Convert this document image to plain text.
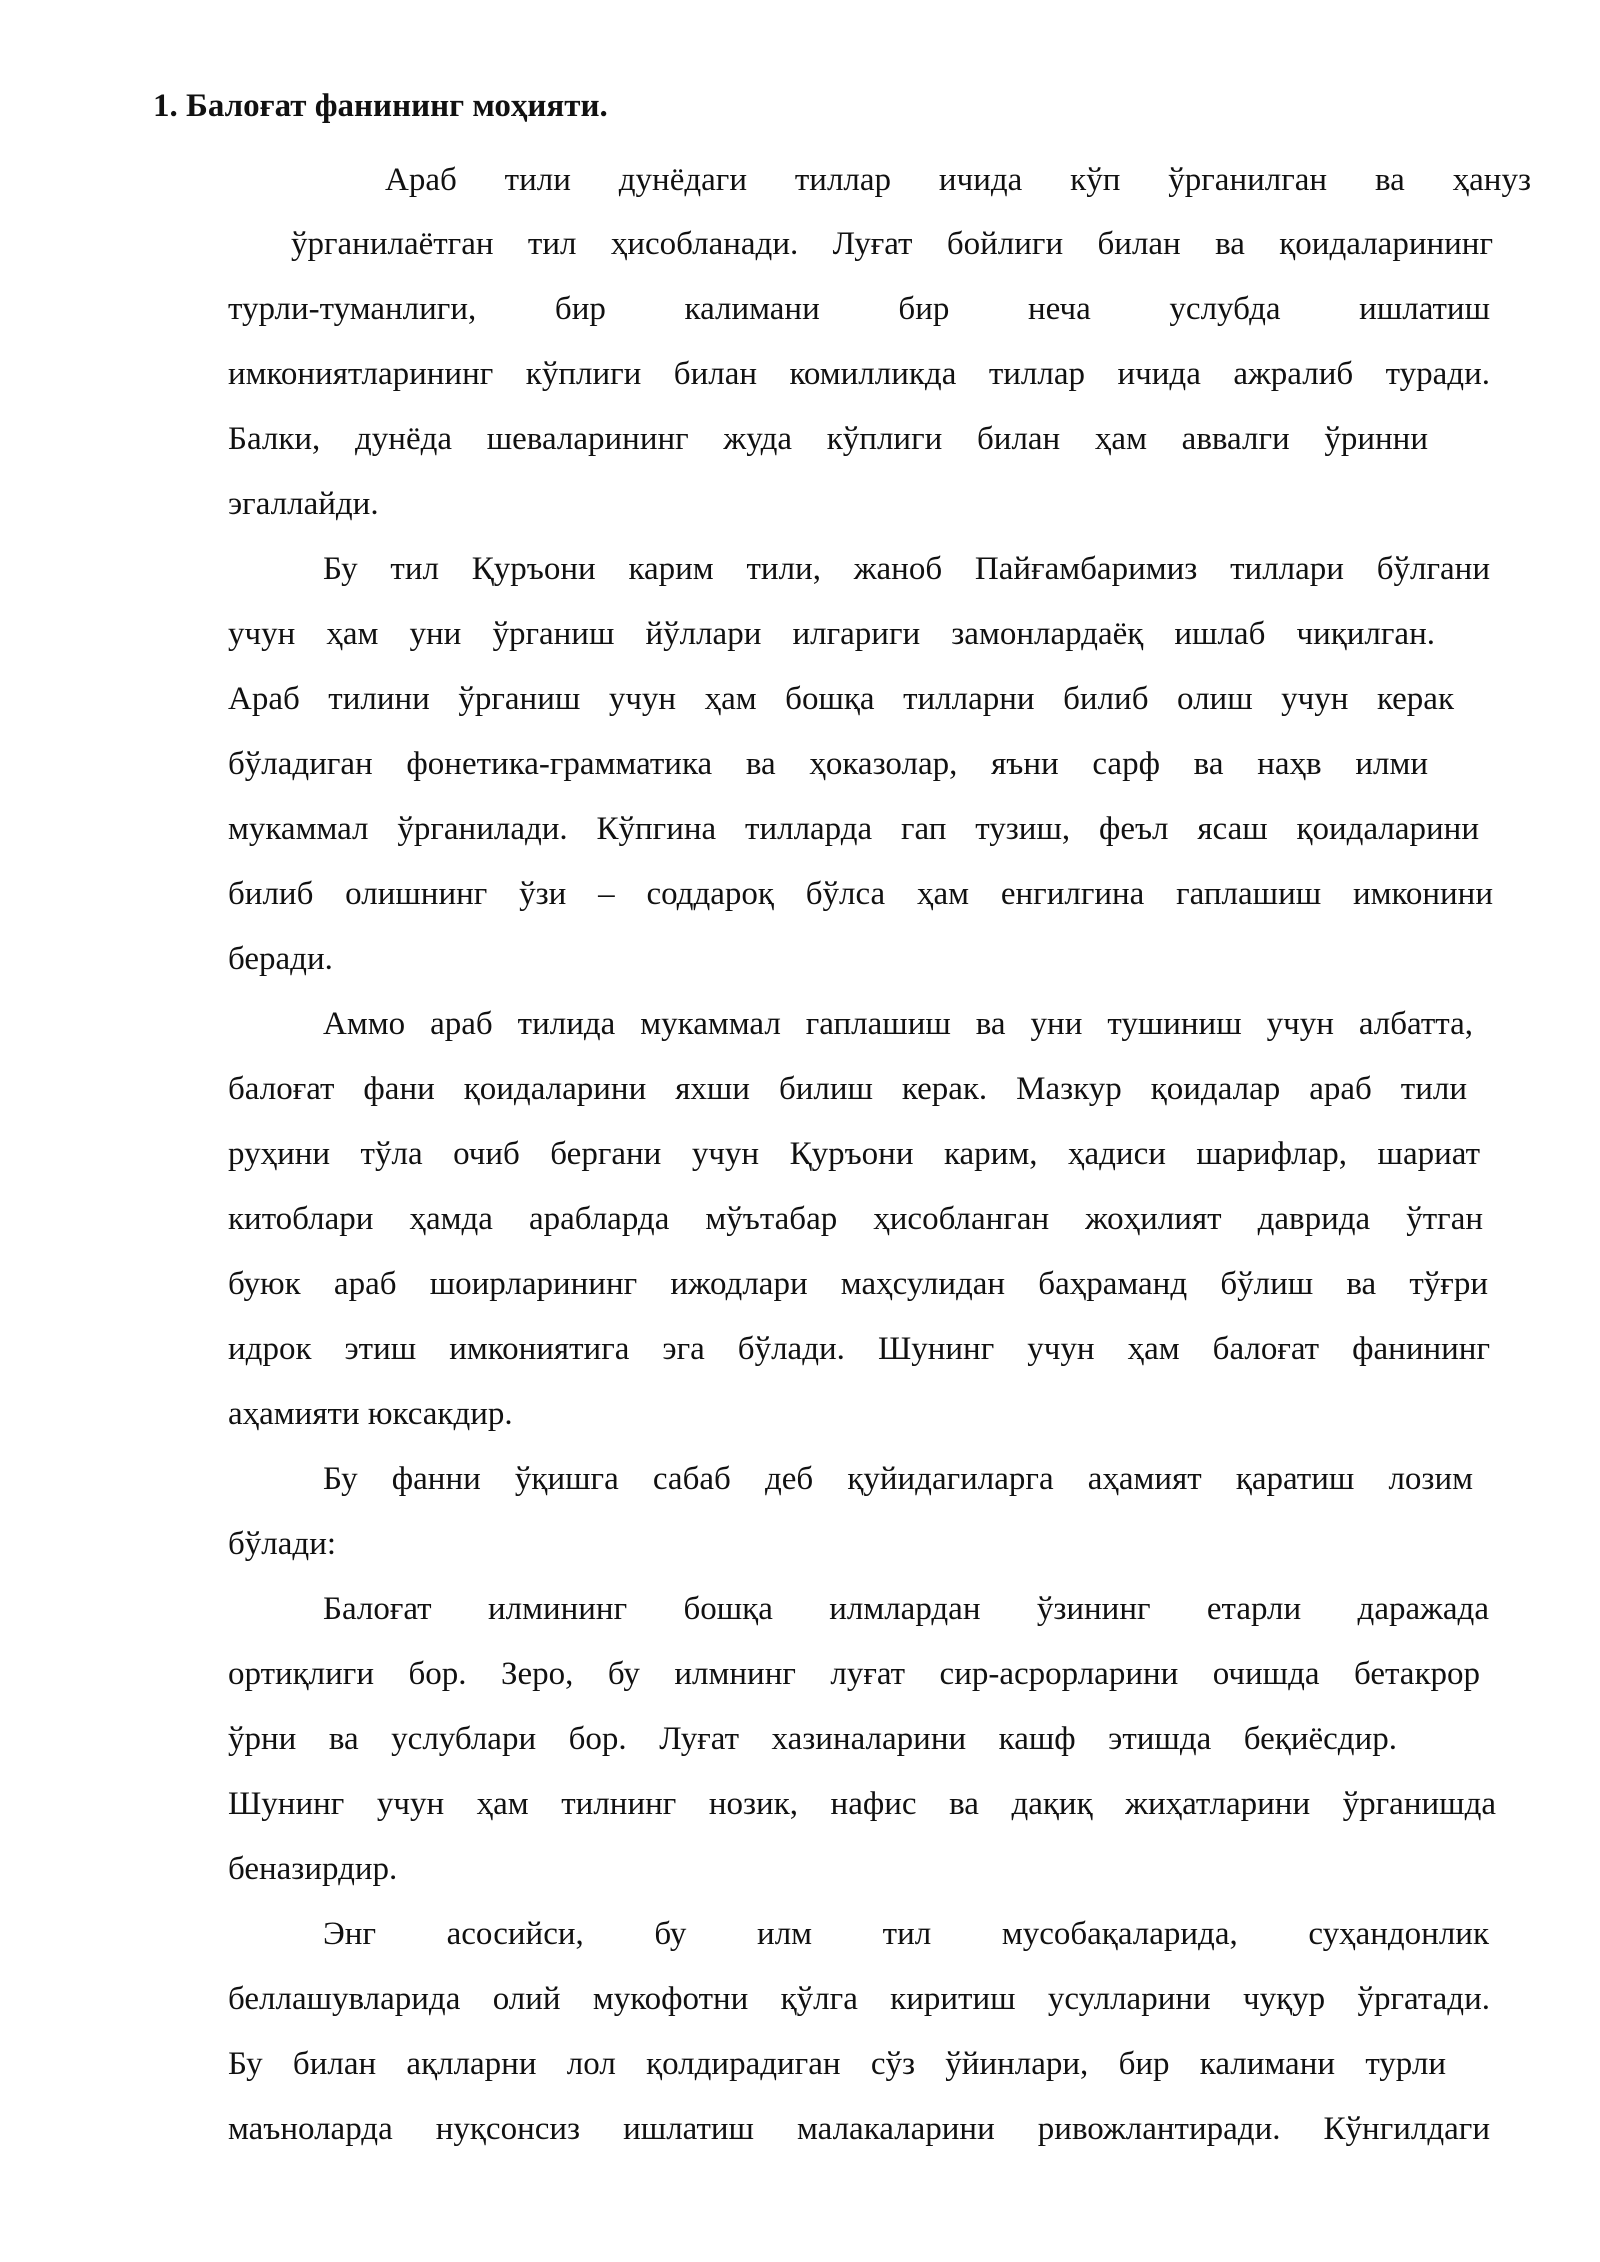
1. Балоғат фанининг моҳияти.
Араб тили дунёдаги тиллар ичида кўп ўрганилган ва ҳануз
ўрганилаётган тил ҳисобланади. Луғат бойлиги билан ва қоидаларининг
турли-туманлиги, бир калимани бир неча услубда ишлатиш
имкониятларининг кўплиги билан комилликда тиллар ичида ажралиб туради.
Балки, дунёда шеваларининг жуда кўплиги билан ҳам аввалги ўринни
эгаллайди.
Бу тил Қуръони карим тили, жаноб Пайғамбаримиз тиллари бўлгани
учун ҳам уни ўрганиш йўллари илгариги замонлардаёқ ишлаб чиқилган.
Араб тилини ўрганиш учун ҳам бошқа тилларни билиб олиш учун керак
бўладиган фонетика-грамматика ва ҳоказолар, яъни сарф ва наҳв илми
мукаммал ўрганилади. Кўпгина тилларда гап тузиш, феъл ясаш қоидаларини
билиб олишнинг ўзи – соддароқ бўлса ҳам енгилгина гаплашиш имконини
беради.
Аммо араб тилида мукаммал гаплашиш ва уни тушиниш учун албатта,
балоғат фани қоидаларини яхши билиш керак. Мазкур қоидалар араб тили
руҳини тўла очиб бергани учун Қуръони карим, ҳадиси шарифлар, шариат
китоблари ҳамда арабларда мўътабар ҳисобланган жоҳилият даврида ўтган
буюк араб шоирларининг ижодлари маҳсулидан баҳраманд бўлиш ва тўғри
идрок этиш имкониятига эга бўлади. Шунинг учун ҳам балоғат фанининг
аҳамияти юксакдир.
Бу фанни ўқишга сабаб деб қуйидагиларга аҳамият қаратиш лозим
бўлади:
Балоғат илмининг бошқа илмлардан ўзининг етарли даражада
ортиқлиги бор. Зеро, бу илмнинг луғат сир-асрорларини очишда бетакрор
ўрни ва услублари бор. Луғат хазиналарини кашф этишда беқиёсдир.
Шунинг учун ҳам тилнинг нозик, нафис ва дақиқ жиҳатларини ўрганишда
беназирдир.
Энг асосийси, бу илм тил мусобақаларида, суҳандонлик
беллашувларида олий мукофотни қўлга киритиш усулларини чуқур ўргатади.
Бу билан ақлларни лол қолдирадиган сўз ўйинлари, бир калимани турли
маъноларда нуқсонсиз ишлатиш малакаларини ривожлантиради. Кўнгилдаги
